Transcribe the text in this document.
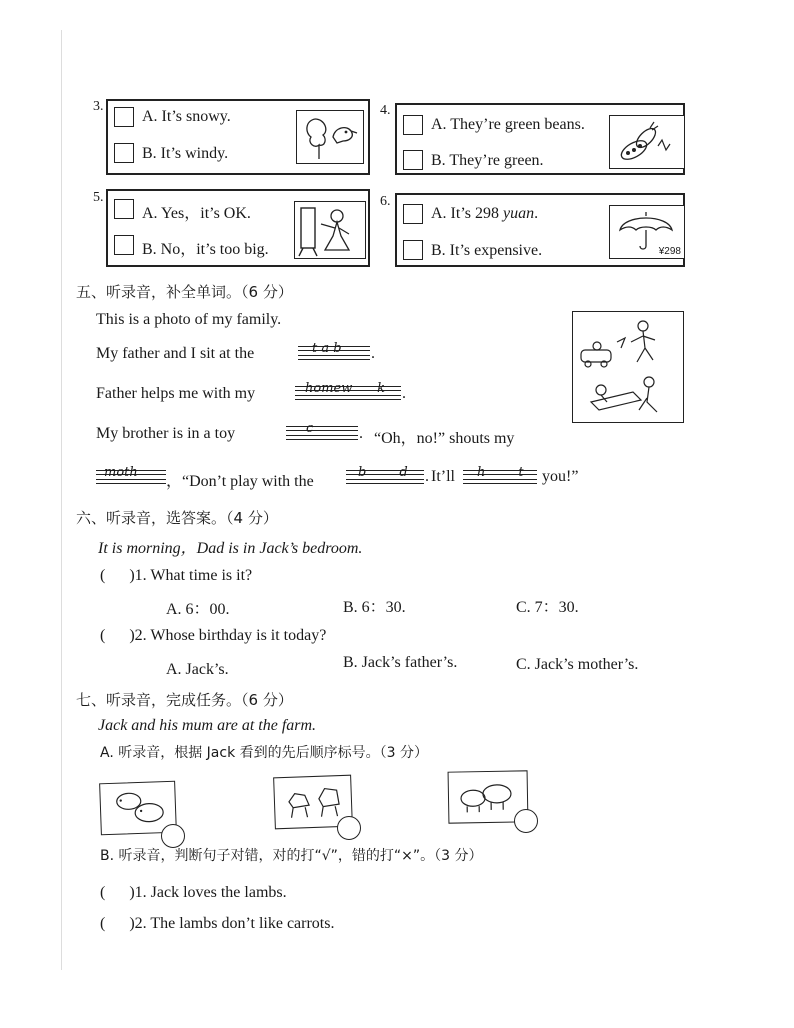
3.
A. It’s snowy.
B. It’s windy.
4.
A. They’re green beans.
B. They’re green.
5.
A. Yes，it’s OK.
B. No，it’s too big.
6.
A. It’s 298 yuan.
B. It’s expensive.	¥298
五、听录音，补全单词。（6 分）
This is a photo of my family.
My father and I sit at the	t a b .
Father helps me with my	homew      k .
My brother is in a toy	c	. “Oh，no!” shouts my
moth
，“Don’t play with the
b        d . It’ll h        t you!”
六、听录音，选答案。（4 分）
It is morning，Dad is in Jack’s bedroom.
(      )1. What time is it?
A. 6：00.	B. 6：30.	C. 7：30.
(      )2. Whose birthday is it today?
A. Jack’s.	B. Jack’s father’s.	C. Jack’s mother’s.
七、听录音，完成任务。（6 分）
Jack and his mum are at the farm.
A. 听录音，根据 Jack 看到的先后顺序标号。（3 分）
B. 听录音，判断句子对错，对的打“√”，错的打“×”。（3 分）
(      )1. Jack loves the lambs.
(      )2. The lambs don’t like carrots.
